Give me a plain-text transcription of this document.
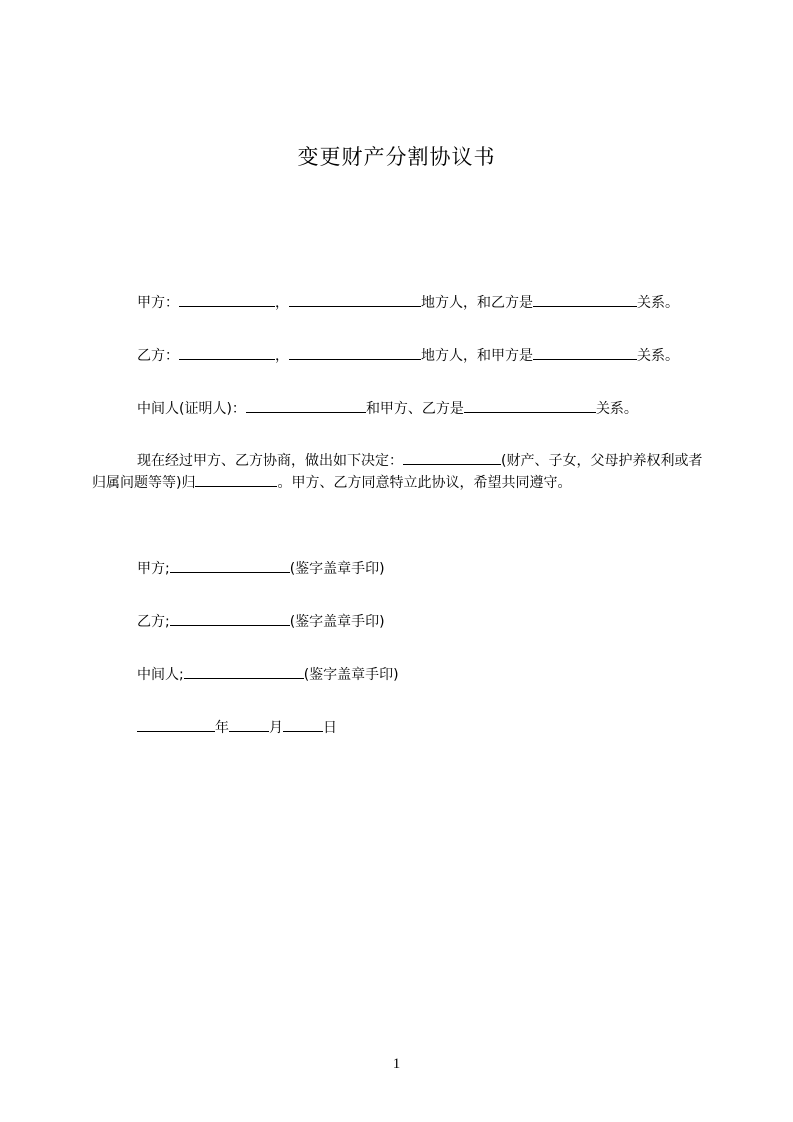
变更财产分割协议书
甲方：	，	地方人，和乙方是	关系。
乙方：	，	地方人，和甲方是	关系。
中间人(证明人)：	和甲方、乙方是	关系。
现在经过甲方、乙方协商，做出如下决定：	(财产、子女，父母护养权利或者归属问题等等)归	。甲方、乙方同意特立此协议，希望共同遵守。
甲方;	(鉴字盖章手印)
乙方;	(鉴字盖章手印)
中间人;	(鉴字盖章手印)
年	月	日
1
